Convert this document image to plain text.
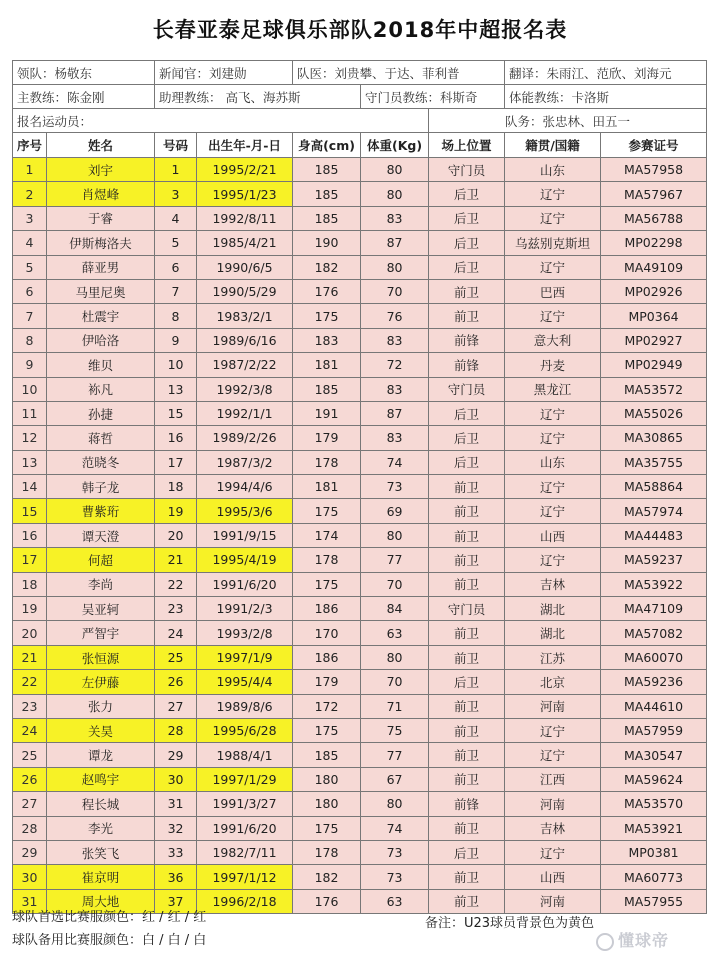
长春亚泰足球俱乐部队2018年中超报名表
领队：杨敬东		新闻官：刘建勋		队医：刘贵攀、于达、菲利普			翻译：朱雨江、范欣、刘海元	
主教练：陈金刚		助理教练： 高飞、海苏斯			守门员教练：科斯奇		体能教练：卡洛斯	
报名运动员：						队务：张忠林、田五一		
序号	姓名	号码	出生年-月-日	身高(cm)	体重(Kg)	场上位置	籍贯/国籍	参赛证号
1	刘宇	1	1995/2/21	185	80	守门员	山东	MA57958
2	肖煜峰	3	1995/1/23	185	80	后卫	辽宁	MA57967
3	于睿	4	1992/8/11	185	83	后卫	辽宁	MA56788
4	伊斯梅洛夫	5	1985/4/21	190	87	后卫	乌兹别克斯坦	MP02298
5	薛亚男	6	1990/6/5	182	80	后卫	辽宁	MA49109
6	马里尼奥	7	1990/5/29	176	70	前卫	巴西	MP02926
7	杜震宇	8	1983/2/1	175	76	前卫	辽宁	MP0364
8	伊哈洛	9	1989/6/16	183	83	前锋	意大利	MP02927
9	维贝	10	1987/2/22	181	72	前锋	丹麦	MP02949
10	袮凡	13	1992/3/8	185	83	守门员	黑龙江	MA53572
11	孙捷	15	1992/1/1	191	87	后卫	辽宁	MA55026
12	蒋哲	16	1989/2/26	179	83	后卫	辽宁	MA30865
13	范晓冬	17	1987/3/2	178	74	后卫	山东	MA35755
14	韩子龙	18	1994/4/6	181	73	前卫	辽宁	MA58864
15	曹紫珩	19	1995/3/6	175	69	前卫	辽宁	MA57974
16	谭天澄	20	1991/9/15	174	80	前卫	山西	MA44483
17	何超	21	1995/4/19	178	77	前卫	辽宁	MA59237
18	李尚	22	1991/6/20	175	70	前卫	吉林	MA53922
19	吴亚轲	23	1991/2/3	186	84	守门员	湖北	MA47109
20	严智宇	24	1993/2/8	170	63	前卫	湖北	MA57082
21	张恒源	25	1997/1/9	186	80	前卫	江苏	MA60070
22	左伊藤	26	1995/4/4	179	70	后卫	北京	MA59236
23	张力	27	1989/8/6	172	71	前卫	河南	MA44610
24	关昊	28	1995/6/28	175	75	前卫	辽宁	MA57959
25	谭龙	29	1988/4/1	185	77	前卫	辽宁	MA30547
26	赵鸣宇	30	1997/1/29	180	67	前卫	江西	MA59624
27	程长城	31	1991/3/27	180	80	前锋	河南	MA53570
28	李光	32	1991/6/20	175	74	前卫	吉林	MA53921
29	张笑飞	33	1982/7/11	178	73	后卫	辽宁	MP0381
30	崔京明	36	1997/1/12	182	73	前卫	山西	MA60773
31	周大地	37	1996/2/18	176	63	前卫	河南	MA57955
球队首选比赛服颜色：红 / 红 / 红
球队备用比赛服颜色：白 / 白 / 白
备注：U23球员背景色为黄色
懂球帝
